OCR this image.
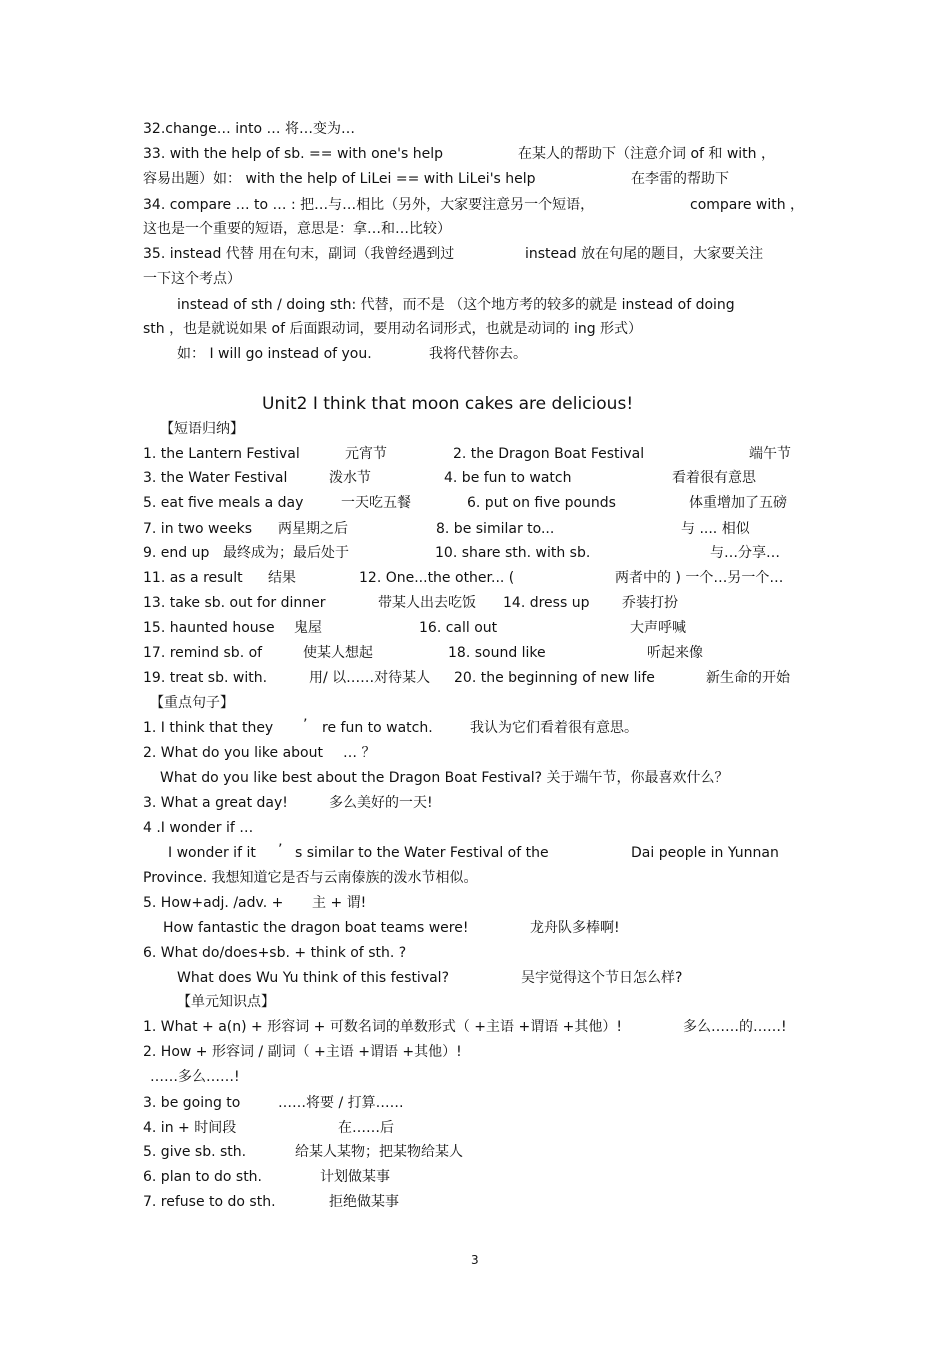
32.change… into … 将…变为…
33. with the help of sb. == with one's help	在某人的帮助下（注意介词 of 和 with ，
容易出题）如： with the help of LiLei == with LiLei's help	在李雷的帮助下
34. compare … to … : 把…与…相比（另外，大家要注意另一个短语，	compare with ，
这也是一个重要的短语，意思是：拿…和…比较）
35. instead 代替 用在句末，副词（我曾经遇到过	instead 放在句尾的题目，大家要关注
一下这个考点）
instead of sth / doing sth: 代替，而不是 （这个地方考的较多的就是 instead of doing
sth ，也是就说如果 of 后面跟动词，要用动名词形式，也就是动词的 ing 形式）
如： I will go instead of you.	我将代替你去。
Unit2 I think that moon cakes are delicious!
【短语归纳】
1. the Lantern Festival	元宵节	2. the Dragon Boat Festival	端午节
3. the Water Festival	泼水节	4. be fun to watch	看着很有意思
5. eat five meals a day	一天吃五餐	6. put on five pounds	体重增加了五磅
7. in two weeks 两星期之后	8. be similar to...	与 .... 相似
9. end up 最终成为；最后处于	10. share sth. with sb.	与…分享…
11. as a result 结果	12. One...the other... (	两者中的 ) 一个…另一个…
13. take sb. out for dinner	带某人出去吃饭 14. dress up 乔装打扮
15. haunted house 鬼屋	16. call out	大声呼喊
17. remind sb. of	使某人想起	18. sound like	听起来像
19. treat sb. with.	用/ 以……对待某人 20. the beginning of new life	新生命的开始
【重点句子】
1. I think that they ’ re fun to watch.	我认为它们看着很有意思。
2. What do you like about … ？
What do you like best about the Dragon Boat Festival? 关于端午节，你最喜欢什么？
3. What a great day!	多么美好的一天!
4 .I wonder if …
I wonder if it ’ s similar to the Water Festival of the	Dai people in Yunnan
Province. 我想知道它是否与云南傣族的泼水节相似。
5. How+adj. /adv. + 主 + 谓!
How fantastic the dragon boat teams were!	龙舟队多棒啊!
6. What do/does+sb. + think of sth. ?
What does Wu Yu think of this festival?	吴宇觉得这个节日怎么样?
【单元知识点】
1. What + a(n) + 形容词 + 可数名词的单数形式（ +主语 +谓语 +其他）!	多么……的……!
2. How + 形容词 / 副词（ +主语 +谓语 +其他）!
……多么……!
3. be going to	……将要 / 打算……
4. in + 时间段	在……后
5. give sb. sth.	给某人某物；把某物给某人
6. plan to do sth.	计划做某事
7. refuse to do sth.	拒绝做某事
3
